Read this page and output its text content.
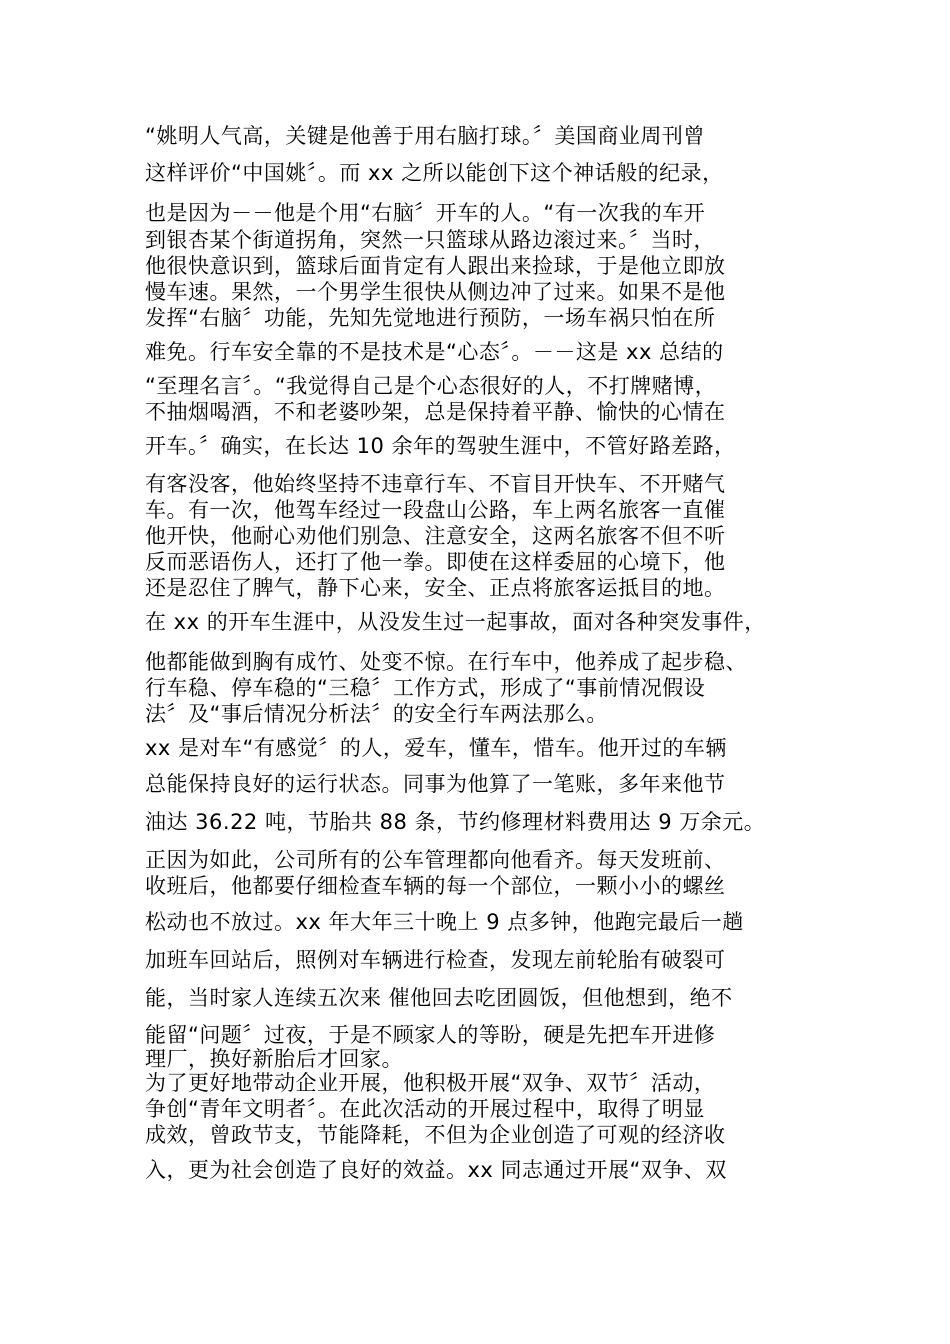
“姚明人气高，关键是他善于用右脑打球。〞美国商业周刊曾
这样评价“中国姚〞。而 xx 之所以能创下这个神话般的纪录，
也是因为－－他是个用“右脑〞开车的人。“有一次我的车开
到银杏某个街道拐角，突然一只篮球从路边滚过来。〞当时，
他很快意识到，篮球后面肯定有人跟出来捡球，于是他立即放
慢车速。果然，一个男学生很快从侧边冲了过来。如果不是他
发挥“右脑〞功能，先知先觉地进行预防，一场车祸只怕在所
难免。行车安全靠的不是技术是“心态〞。－－这是 xx 总结的
“至理名言〞。“我觉得自己是个心态很好的人，不打牌赌博，
不抽烟喝酒，不和老婆吵架，总是保持着平静、愉快的心情在
开车。〞确实，在长达 10 余年的驾驶生涯中，不管好路差路，
有客没客，他始终坚持不违章行车、不盲目开快车、不开赌气
车。有一次，他驾车经过一段盘山公路，车上两名旅客一直催
他开快，他耐心劝他们别急、注意安全，这两名旅客不但不听
反而恶语伤人，还打了他一拳。即使在这样委屈的心境下，他
还是忍住了脾气，静下心来，安全、正点将旅客运抵目的地。
在 xx 的开车生涯中，从没发生过一起事故，面对各种突发事件，
他都能做到胸有成竹、处变不惊。在行车中，他养成了起步稳、
行车稳、停车稳的“三稳〞工作方式，形成了“事前情况假设
法〞及“事后情况分析法〞的安全行车两法那么。
xx 是对车“有感觉〞的人，爱车，懂车，惜车。他开过的车辆
总能保持良好的运行状态。同事为他算了一笔账，多年来他节
油达 36.22 吨，节胎共 88 条，节约修理材料费用达 9 万余元。
正因为如此，公司所有的公车管理都向他看齐。每天发班前、
收班后，他都要仔细检查车辆的每一个部位，一颗小小的螺丝
松动也不放过。xx 年大年三十晚上 9 点多钟，他跑完最后一趟
加班车回站后，照例对车辆进行检查，发现左前轮胎有破裂可
能，当时家人连续五次来 催他回去吃团圆饭，但他想到，绝不
能留“问题〞过夜，于是不顾家人的等盼，硬是先把车开进修
理厂，换好新胎后才回家。
为了更好地带动企业开展，他积极开展“双争、双节〞活动，
争创“青年文明者〞。在此次活动的开展过程中，取得了明显
成效，曾政节支，节能降耗，不但为企业创造了可观的经济收
入，更为社会创造了良好的效益。xx 同志通过开展“双争、双
